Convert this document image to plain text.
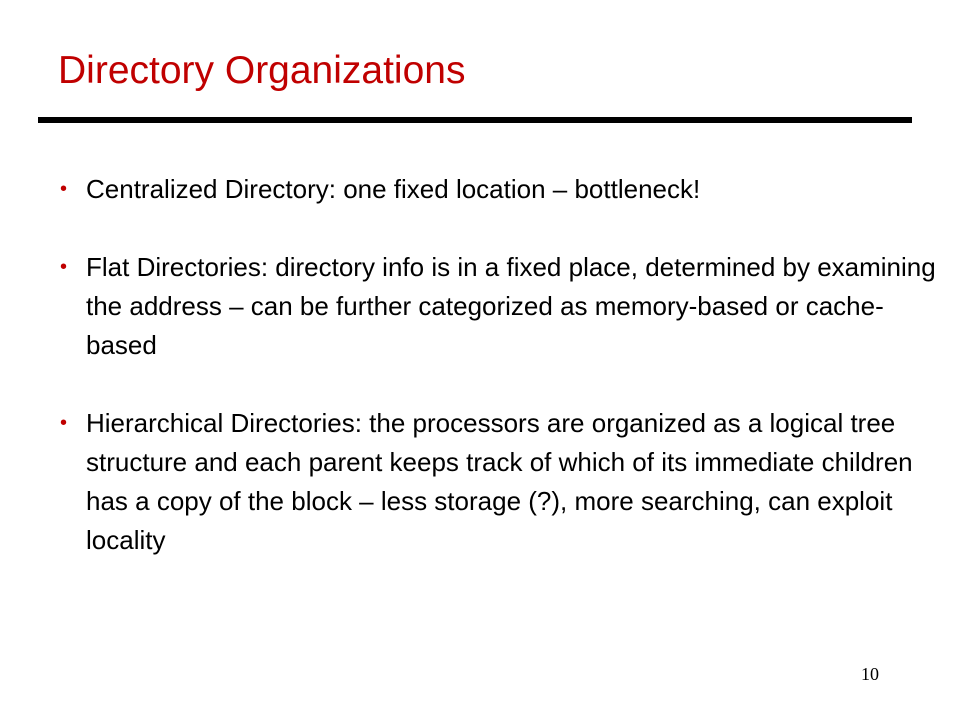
Directory Organizations
• Centralized Directory: one fixed location – bottleneck!
• Flat Directories: directory info is in a fixed place, determined by examining the address – can be further categorized as memory-based or cache-based
• Hierarchical Directories: the processors are organized as a logical tree structure and each parent keeps track of which of its immediate children has a copy of the block – less storage (?), more searching, can exploit locality
10
